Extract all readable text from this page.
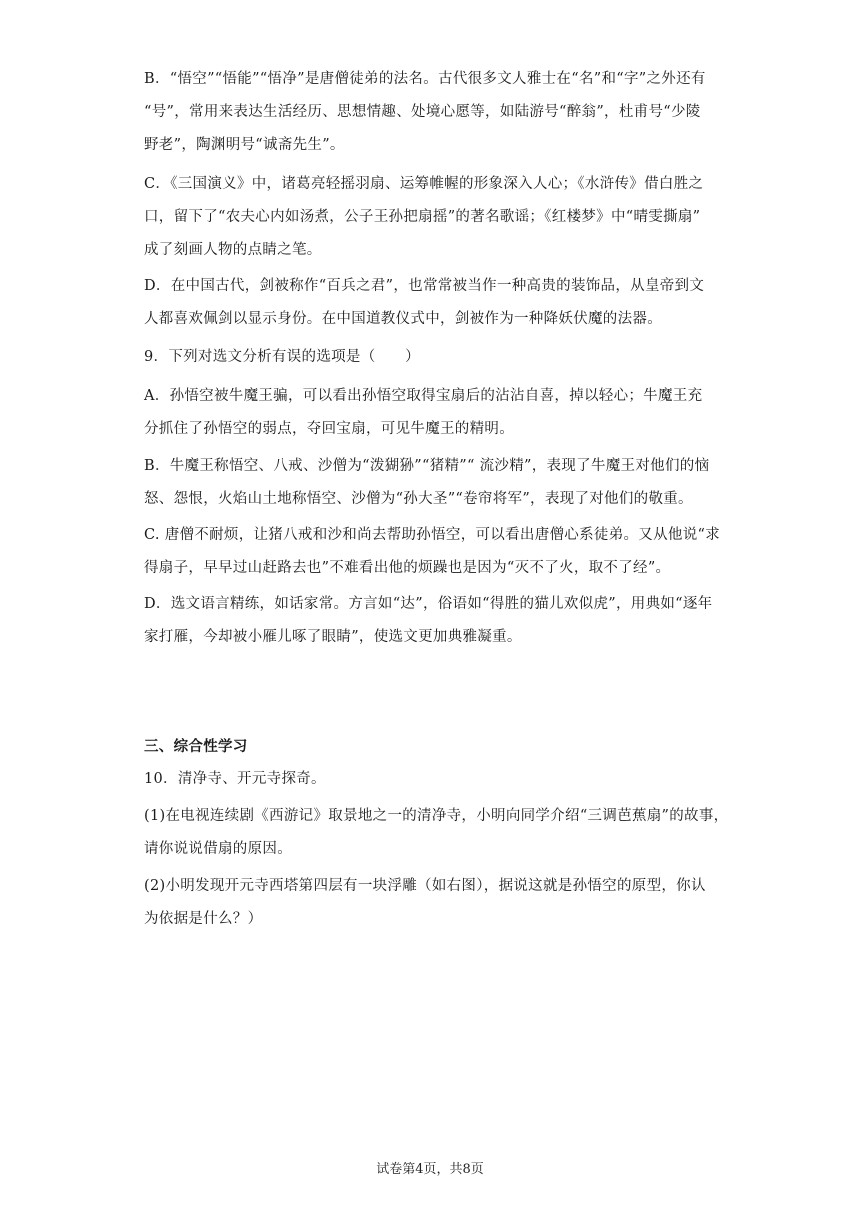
B．“悟空”“悟能”“悟净”是唐僧徒弟的法名。古代很多文人雅士在“名”和“字”之外还有
“号”，常用来表达生活经历、思想情趣、处境心愿等，如陆游号“醉翁”，杜甫号“少陵
野老”，陶渊明号“诚斋先生”。
C．《三国演义》中，诸葛亮轻摇羽扇、运筹帷幄的形象深入人心；《水浒传》借白胜之
口，留下了“农夫心内如汤煮，公子王孙把扇摇”的著名歌谣；《红楼梦》中“晴雯撕扇”
成了刻画人物的点睛之笔。
D．在中国古代，剑被称作“百兵之君”，也常常被当作一种高贵的装饰品，从皇帝到文
人都喜欢佩剑以显示身份。在中国道教仪式中，剑被作为一种降妖伏魔的法器。
9．下列对选文分析有误的选项是（　　）
A．孙悟空被牛魔王骗，可以看出孙悟空取得宝扇后的沾沾自喜，掉以轻心；牛魔王充
分抓住了孙悟空的弱点，夺回宝扇，可见牛魔王的精明。
B．牛魔王称悟空、八戒、沙僧为“泼猢狲”“猪精”“ 流沙精”，表现了牛魔王对他们的恼
怒、怨恨，火焰山土地称悟空、沙僧为“孙大圣”“卷帘将军”，表现了对他们的敬重。
C. 唐僧不耐烦，让猪八戒和沙和尚去帮助孙悟空，可以看出唐僧心系徒弟。又从他说“求
得扇子，早早过山赶路去也”不难看出他的烦躁也是因为“灭不了火，取不了经”。
D．选文语言精练，如话家常。方言如“达”，俗语如“得胜的猫儿欢似虎”，用典如“逐年
家打雁，今却被小雁儿啄了眼睛”，使选文更加典雅凝重。
三、综合性学习
10．清净寺、开元寺探奇。
(1)在电视连续剧《西游记》取景地之一的清净寺，小明向同学介绍“三调芭蕉扇”的故事，
请你说说借扇的原因。
(2)小明发现开元寺西塔第四层有一块浮雕（如右图），据说这就是孙悟空的原型，你认
为依据是什么？）
试卷第4页，共8页
